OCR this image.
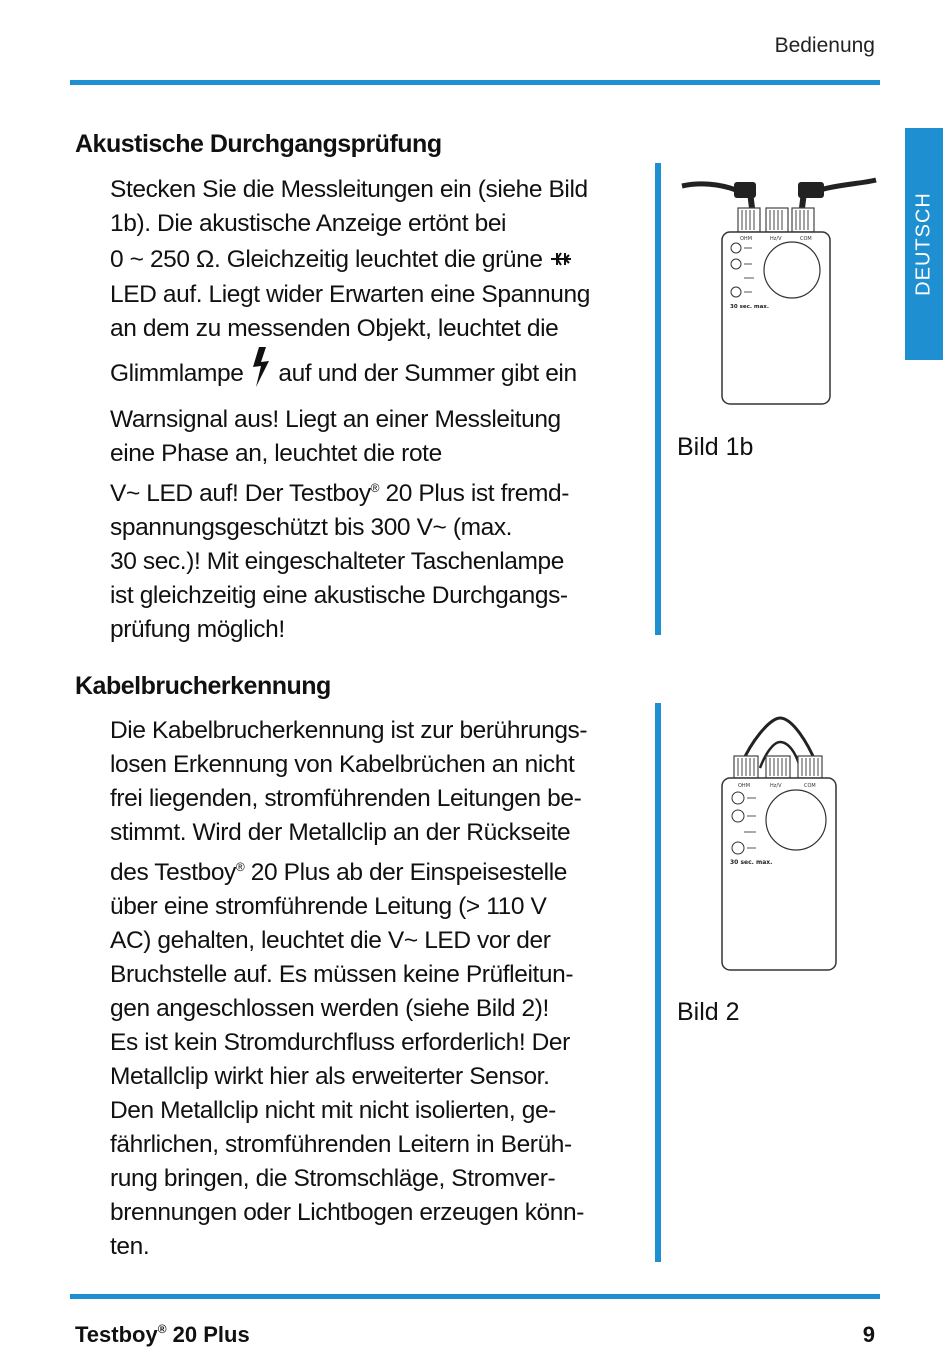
Bedienung
DEUTSCH
Akustische Durchgangsprüfung

Stecken Sie die Messleitungen ein (siehe Bild

1b). Die akustische Anzeige ertönt bei

0 ~ 250 Ω. Gleichzeitig leuchtet die grüne

LED auf. Liegt wider Erwarten eine Spannung

an dem zu messenden Objekt, leuchtet die

Glimmlampe auf und der Summer gibt ein

Warnsignal aus! Liegt an einer Messleitung

eine Phase an, leuchtet die rote

V~ LED auf! Der Testboy® 20 Plus ist fremd-

spannungsgeschützt bis 300 V~ (max.

30 sec.)! Mit eingeschalteter Taschenlampe

ist gleichzeitig eine akustische Durchgangs-

prüfung möglich!

OHM	Hz/V	COM
30 sec. max.
Bild 1b
Kabelbrucherkennung

Die Kabelbrucherkennung ist zur berührungs-

losen Erkennung von Kabelbrüchen an nicht

frei liegenden, stromführenden Leitungen be-

stimmt. Wird der Metallclip an der Rückseite

des Testboy® 20 Plus ab der Einspeisestelle

über eine stromführende Leitung (> 110 V

AC) gehalten, leuchtet die V~ LED vor der

Bruchstelle auf. Es müssen keine Prüfleitun-

gen angeschlossen werden (siehe Bild 2)!

Es ist kein Stromdurchfluss erforderlich! Der

Metallclip wirkt hier als erweiterter Sensor.

Den Metallclip nicht mit nicht isolierten, ge-

fährlichen, stromführenden Leitern in Berüh-

rung bringen, die Stromschläge, Stromver-

brennungen oder Lichtbogen erzeugen könn-

ten.

OHM	Hz/V	COM
30 sec. max.
Bild 2
Testboy® 20 Plus	9
